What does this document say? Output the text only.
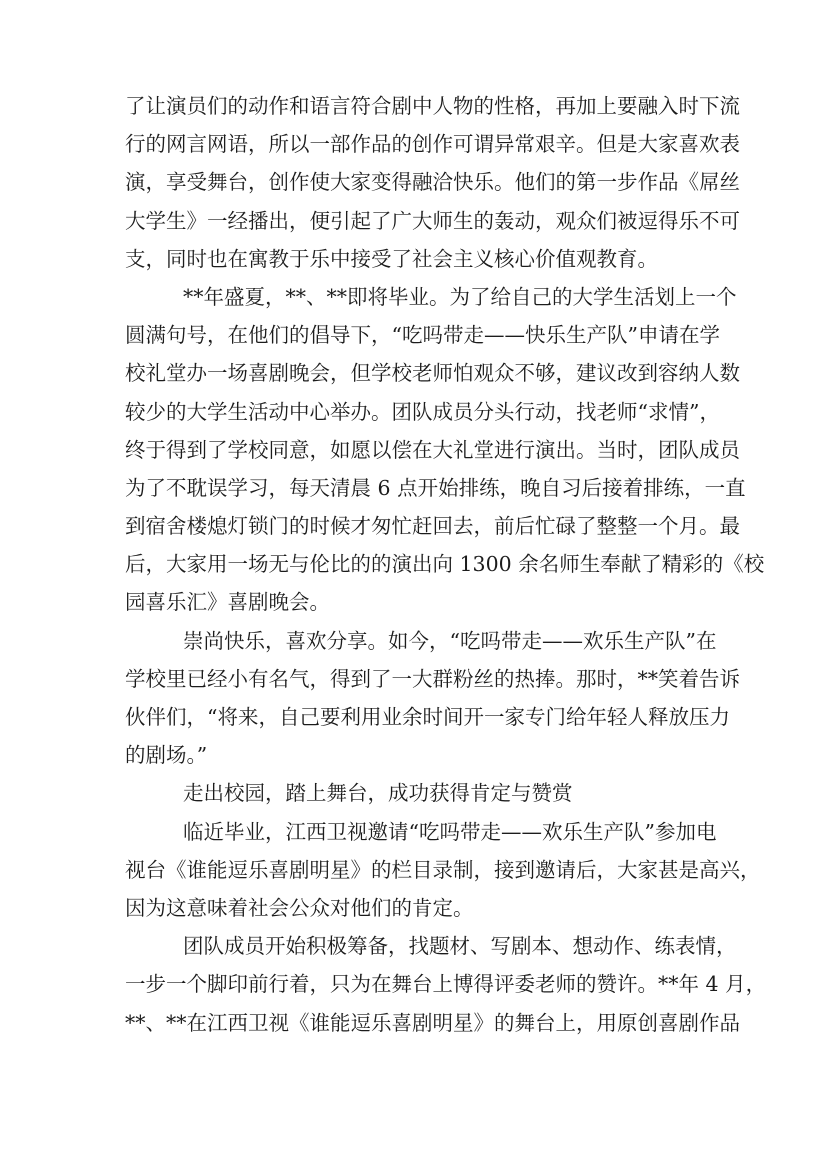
了让演员们的动作和语言符合剧中人物的性格，再加上要融入时下流
行的网言网语，所以一部作品的创作可谓异常艰辛。但是大家喜欢表
演，享受舞台，创作使大家变得融洽快乐。他们的第一步作品《屌丝
大学生》一经播出，便引起了广大师生的轰动，观众们被逗得乐不可
支，同时也在寓教于乐中接受了社会主义核心价值观教育。
**年盛夏，**、**即将毕业。为了给自己的大学生活划上一个
圆满句号，在他们的倡导下，“吃吗带走——快乐生产队”申请在学
校礼堂办一场喜剧晚会，但学校老师怕观众不够，建议改到容纳人数
较少的大学生活动中心举办。团队成员分头行动，找老师“求情”，
终于得到了学校同意，如愿以偿在大礼堂进行演出。当时，团队成员
为了不耽误学习，每天清晨 6 点开始排练，晚自习后接着排练，一直
到宿舍楼熄灯锁门的时候才匆忙赶回去，前后忙碌了整整一个月。最
后，大家用一场无与伦比的的演出向 1300 余名师生奉献了精彩的《校
园喜乐汇》喜剧晚会。
崇尚快乐，喜欢分享。如今，“吃吗带走——欢乐生产队”在
学校里已经小有名气，得到了一大群粉丝的热捧。那时，**笑着告诉
伙伴们，“将来，自己要利用业余时间开一家专门给年轻人释放压力
的剧场。”
走出校园，踏上舞台，成功获得肯定与赞赏
临近毕业，江西卫视邀请“吃吗带走——欢乐生产队”参加电
视台《谁能逗乐喜剧明星》的栏目录制，接到邀请后，大家甚是高兴，
因为这意味着社会公众对他们的肯定。
团队成员开始积极筹备，找题材、写剧本、想动作、练表情，
一步一个脚印前行着，只为在舞台上博得评委老师的赞许。**年 4 月，
**、**在江西卫视《谁能逗乐喜剧明星》的舞台上，用原创喜剧作品
